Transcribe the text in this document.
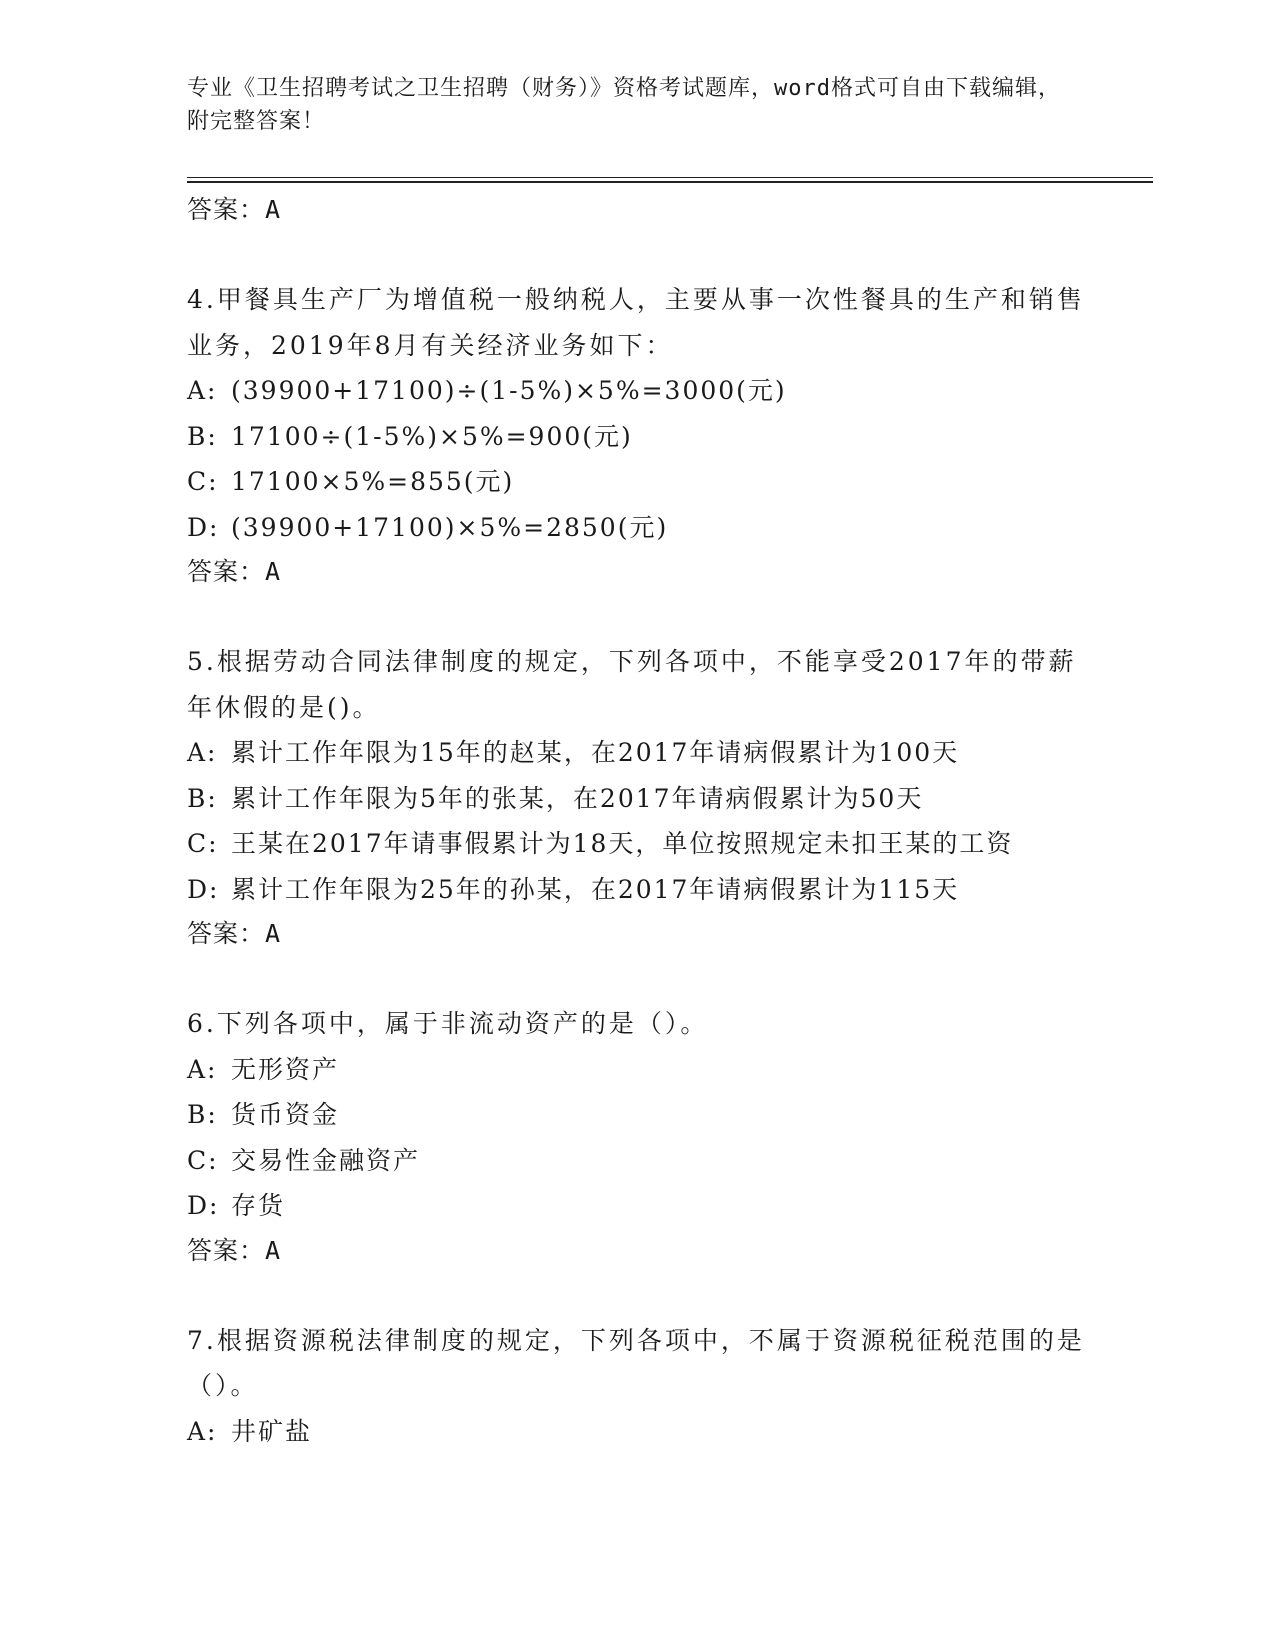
专业《卫生招聘考试之卫生招聘（财务）》资格考试题库，word格式可自由下载编辑，附完整答案！
答案：A
4.甲餐具生产厂为增值税一般纳税人，主要从事一次性餐具的生产和销售业务，2019年8月有关经济业务如下：
A: (39900+17100)÷(1-5%)×5%=3000(元)
B: 17100÷(1-5%)×5%=900(元)
C: 17100×5%=855(元)
D: (39900+17100)×5%=2850(元)
答案：A
5.根据劳动合同法律制度的规定，下列各项中，不能享受2017年的带薪年休假的是()。
A: 累计工作年限为15年的赵某，在2017年请病假累计为100天
B: 累计工作年限为5年的张某，在2017年请病假累计为50天
C: 王某在2017年请事假累计为18天，单位按照规定未扣王某的工资
D: 累计工作年限为25年的孙某，在2017年请病假累计为115天
答案：A
6.下列各项中，属于非流动资产的是（）。
A: 无形资产
B: 货币资金
C: 交易性金融资产
D: 存货
答案：A
7.根据资源税法律制度的规定，下列各项中，不属于资源税征税范围的是（）。
A: 井矿盐
